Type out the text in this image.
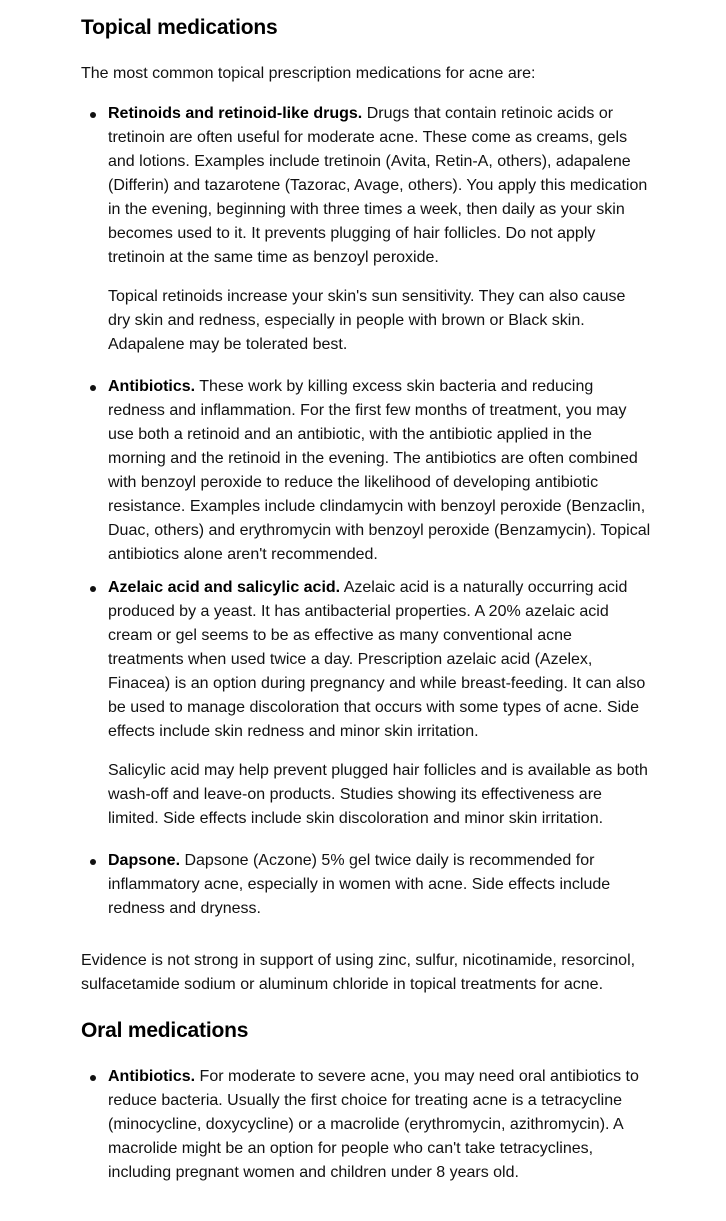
Topical medications

The most common topical prescription medications for acne are:

Retinoids and retinoid-like drugs. Drugs that contain retinoic acids or tretinoin are often useful for moderate acne. These come as creams, gels and lotions. Examples include tretinoin (Avita, Retin-A, others), adapalene (Differin) and tazarotene (Tazorac, Avage, others). You apply this medication in the evening, beginning with three times a week, then daily as your skin becomes used to it. It prevents plugging of hair follicles. Do not apply tretinoin at the same time as benzoyl peroxide.

Topical retinoids increase your skin's sun sensitivity. They can also cause dry skin and redness, especially in people with brown or Black skin. Adapalene may be tolerated best.

Antibiotics. These work by killing excess skin bacteria and reducing redness and inflammation. For the first few months of treatment, you may use both a retinoid and an antibiotic, with the antibiotic applied in the morning and the retinoid in the evening. The antibiotics are often combined with benzoyl peroxide to reduce the likelihood of developing antibiotic resistance. Examples include clindamycin with benzoyl peroxide (Benzaclin, Duac, others) and erythromycin with benzoyl peroxide (Benzamycin). Topical antibiotics alone aren't recommended.

Azelaic acid and salicylic acid. Azelaic acid is a naturally occurring acid produced by a yeast. It has antibacterial properties. A 20% azelaic acid cream or gel seems to be as effective as many conventional acne treatments when used twice a day. Prescription azelaic acid (Azelex, Finacea) is an option during pregnancy and while breast-feeding. It can also be used to manage discoloration that occurs with some types of acne. Side effects include skin redness and minor skin irritation.

Salicylic acid may help prevent plugged hair follicles and is available as both wash-off and leave-on products. Studies showing its effectiveness are limited. Side effects include skin discoloration and minor skin irritation.

Dapsone. Dapsone (Aczone) 5% gel twice daily is recommended for inflammatory acne, especially in women with acne. Side effects include redness and dryness.

Evidence is not strong in support of using zinc, sulfur, nicotinamide, resorcinol, sulfacetamide sodium or aluminum chloride in topical treatments for acne.

Oral medications

Antibiotics. For moderate to severe acne, you may need oral antibiotics to reduce bacteria. Usually the first choice for treating acne is a tetracycline (minocycline, doxycycline) or a macrolide (erythromycin, azithromycin). A macrolide might be an option for people who can't take tetracyclines, including pregnant women and children under 8 years old.
